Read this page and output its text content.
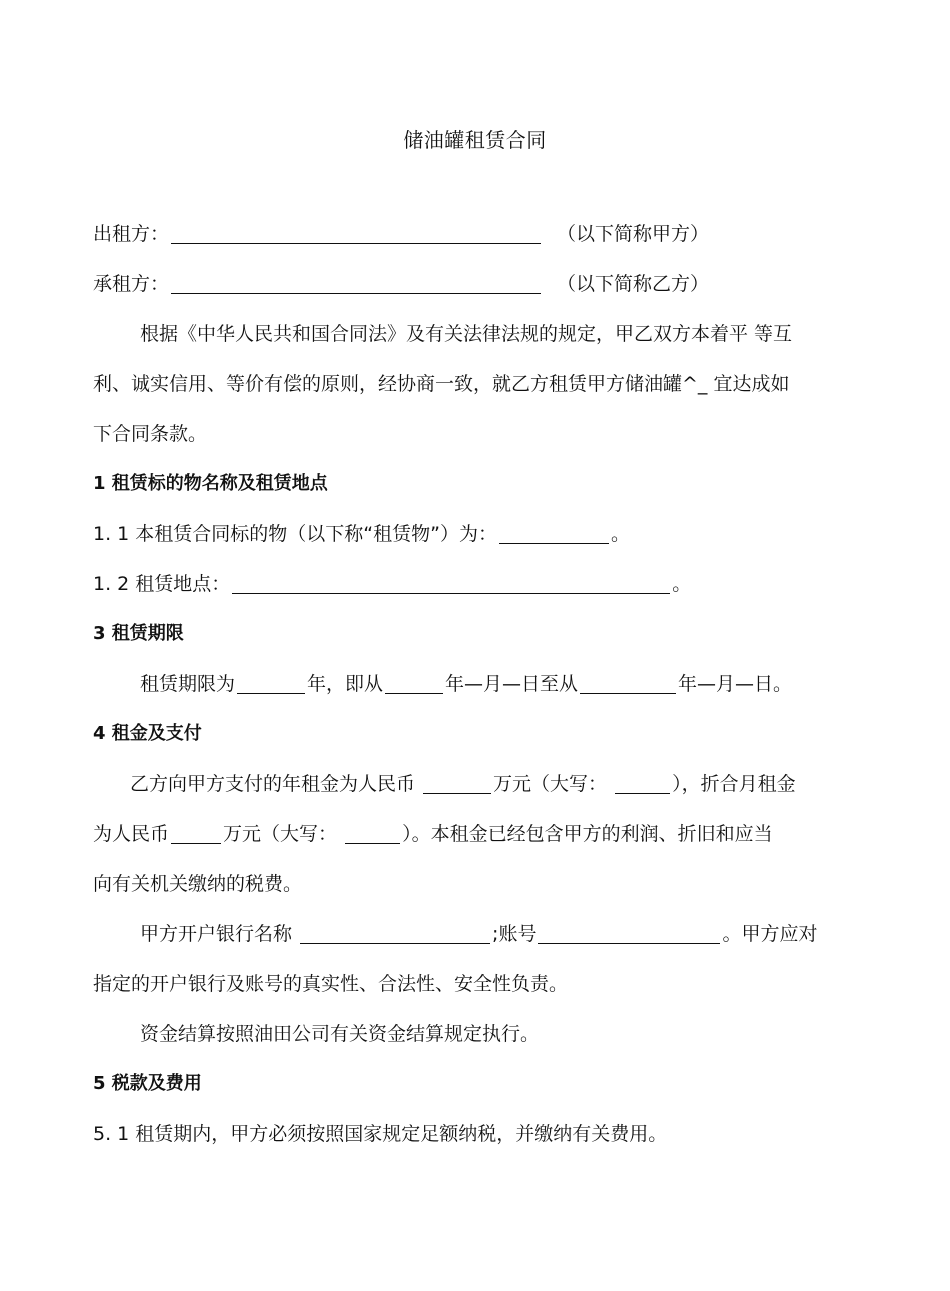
储油罐租赁合同
出租方：	（以下简称甲方）
承租方：	（以下简称乙方）
根据《中华人民共和国合同法》及有关法律法规的规定，甲乙双方本着平 等互
利、诚实信用、等价有偿的原则，经协商一致，就乙方租赁甲方储油罐^_ 宜达成如
下合同条款。
1 租赁标的物名称及租赁地点
1. 1 本租赁合同标的物（以下称“租赁物”）为：	。
1. 2 租赁地点：	。
3 租赁期限
租赁期限为	年，即从	年—月—日至从	年—月—日。
4 租金及支付
乙方向甲方支付的年租金为人民币	万元（大写：	），折合月租金
为人民币	万元（大写：	）。本租金已经包含甲方的利润、折旧和应当
向有关机关缴纳的税费。
甲方开户银行名称	;账号	。甲方应对
指定的开户银行及账号的真实性、合法性、安全性负责。
资金结算按照油田公司有关资金结算规定执行。
5 税款及费用
5. 1 租赁期内，甲方必须按照国家规定足额纳税，并缴纳有关费用。
